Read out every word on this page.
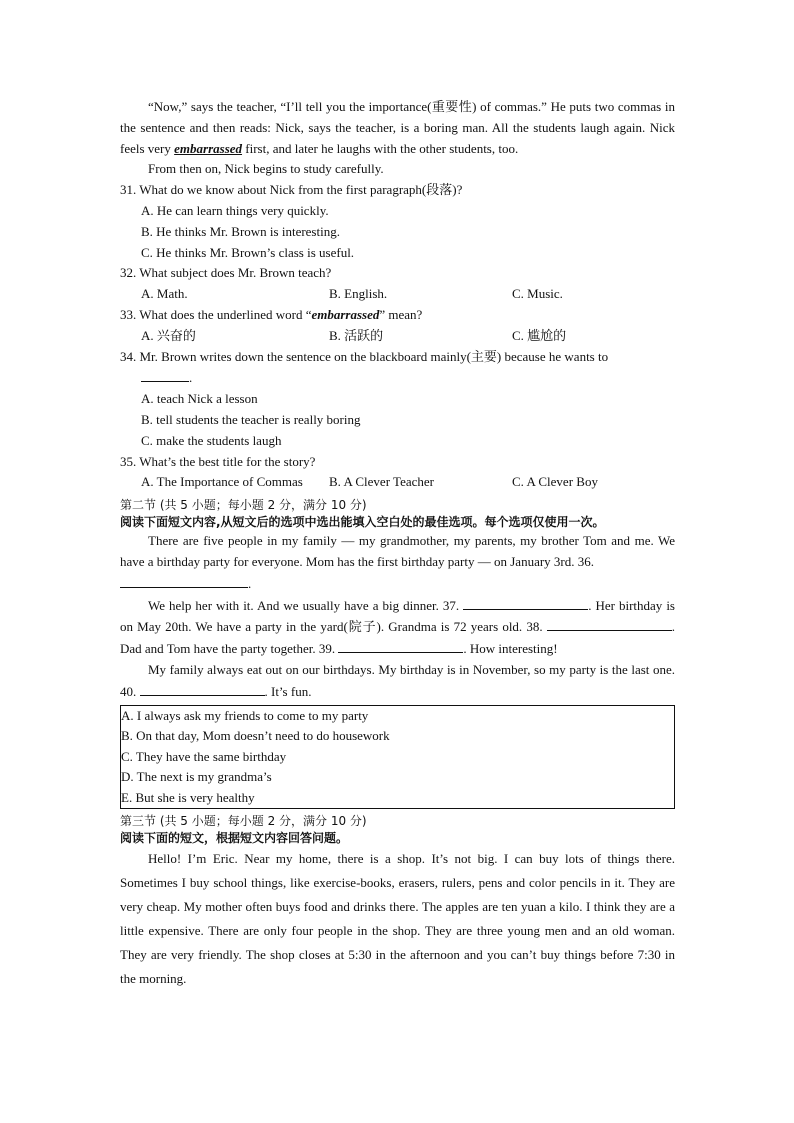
“Now,” says the teacher, “I’ll tell you the importance(重要性) of commas.” He puts two commas in the sentence and then reads: Nick, says the teacher, is a boring man. All the students laugh again. Nick feels very embarrassed first, and later he laughs with the other students, too.

From then on, Nick begins to study carefully.

31. What do we know about Nick from the first paragraph(段落)?

A. He can learn things very quickly.

B. He thinks Mr. Brown is interesting.

C. He thinks Mr. Brown’s class is useful.

32. What subject does Mr. Brown teach?

A. Math.	B. English.	C. Music.

33. What does the underlined word “embarrassed” mean?

A. 兴奋的	B. 活跃的	C. 尴尬的

34. Mr. Brown writes down the sentence on the blackboard mainly(主要) because he wants to

.

A. teach Nick a lesson

B. tell students the teacher is really boring

C. make the students laugh

35. What’s the best title for the story?

A. The Importance of Commas	B. A Clever Teacher	C. A Clever Boy

第二节 (共 5 小题；每小题 2 分，满分 10 分)

阅读下面短文内容,从短文后的选项中选出能填入空白处的最佳选项。每个选项仅使用一次。

There are five people in my family — my grandmother, my parents, my brother Tom and me. We have a birthday party for everyone. Mom has the first birthday party — on January 3rd. 36.

.

We help her with it. And we usually have a big dinner. 37.	. Her birthday is on May 20th. We have a party in the yard(院子). Grandma is 72 years old. 38.	. Dad and Tom have the party together. 39.	. How interesting!

My family always eat out on our birthdays. My birthday is in November, so my party is the last one. 40.	. It’s fun.

A. I always ask my friends to come to my party

B. On that day, Mom doesn’t need to do housework

C. They have the same birthday

D. The next is my grandma’s

E. But she is very healthy

第三节 (共 5 小题；每小题 2 分，满分 10 分)

阅读下面的短文，根据短文内容回答问题。

Hello! I’m Eric. Near my home, there is a shop. It’s not big. I can buy lots of things there. Sometimes I buy school things, like exercise-books, erasers, rulers, pens and color pencils in it. They are very cheap. My mother often buys food and drinks there. The apples are ten yuan a kilo. I think they are a little expensive. There are only four people in the shop. They are three young men and an old woman. They are very friendly. The shop closes at 5:30 in the afternoon and you can’t buy things before 7:30 in the morning.
